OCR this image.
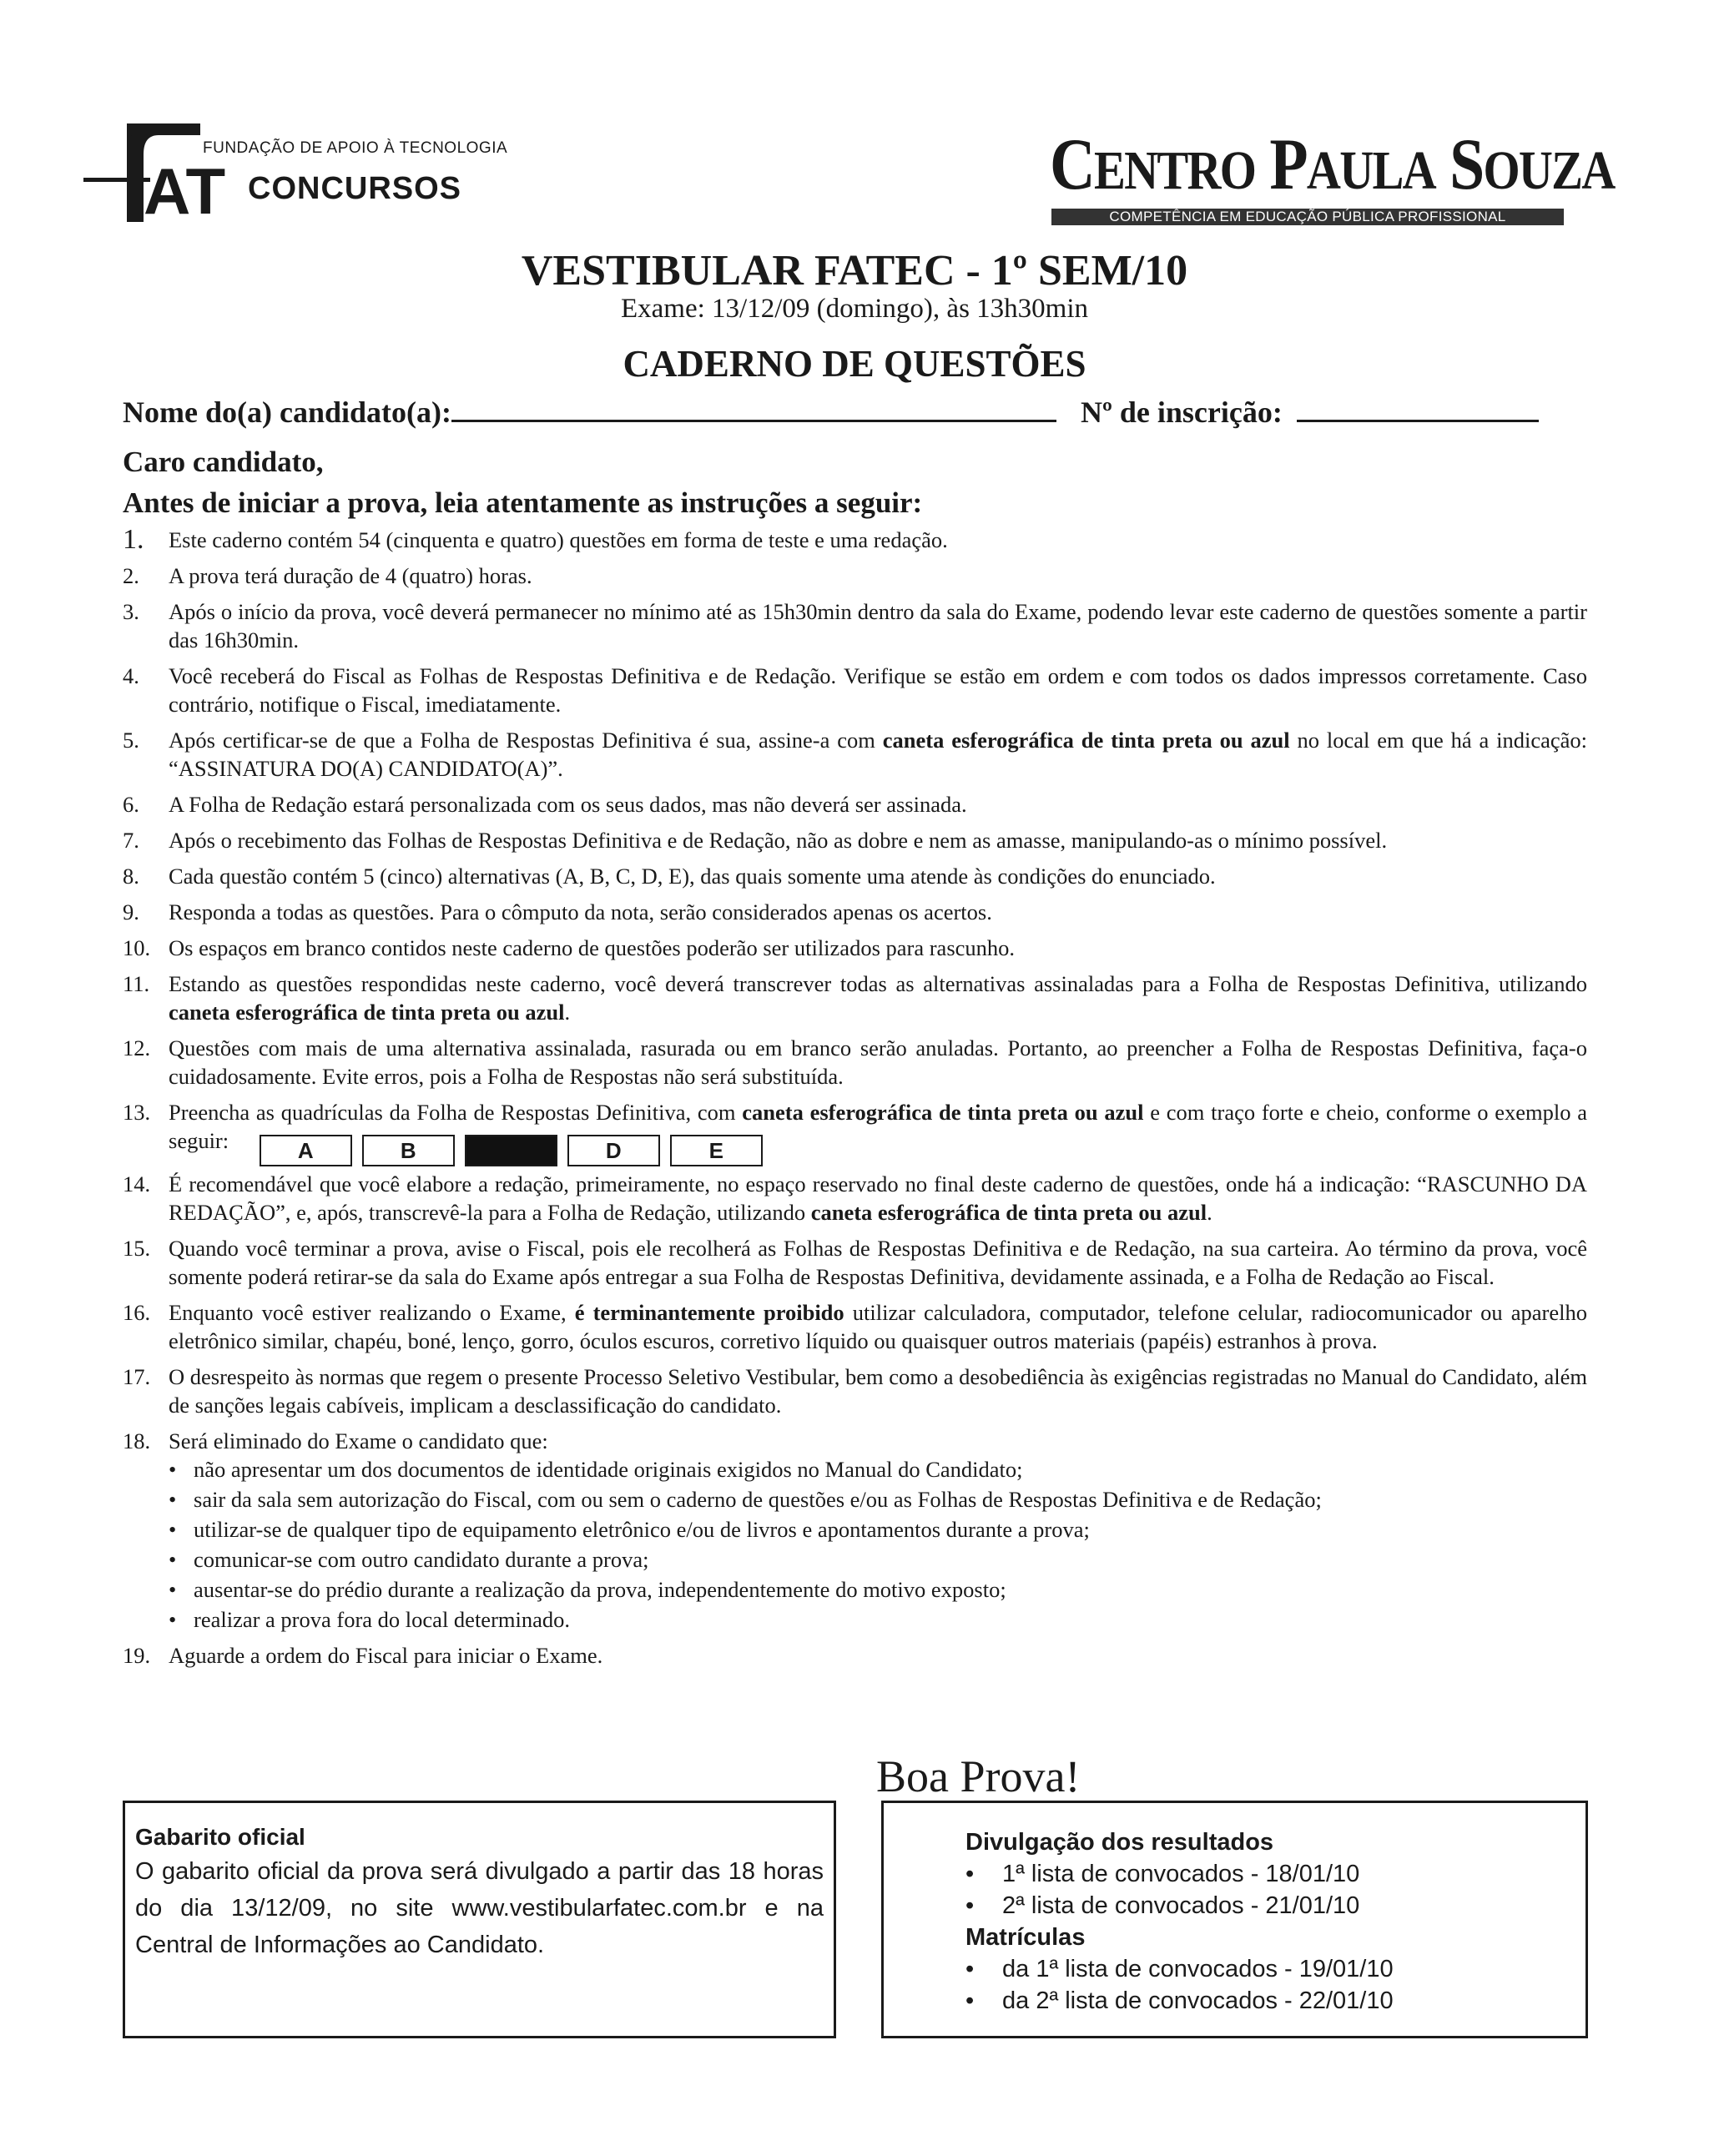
FUNDAÇÃO DE APOIO À TECNOLOGIA
AT CONCURSOS	CENTRO PAULA SOUZA
COMPETÊNCIA EM EDUCAÇÃO PÚBLICA PROFISSIONAL
VESTIBULAR FATEC - 1º SEM/10
Exame: 13/12/09 (domingo), às 13h30min
CADERNO DE QUESTÕES
Nome do(a) candidato(a):	Nº de inscrição:
Caro candidato,
Antes de iniciar a prova, leia atentamente as instruções a seguir:
1. Este caderno contém 54 (cinquenta e quatro) questões em forma de teste e uma redação.
2. A prova terá duração de 4 (quatro) horas.
3. Após o início da prova, você deverá permanecer no mínimo até as 15h30min dentro da sala do Exame, podendo levar este caderno de questões somente a partir das 16h30min.
4. Você receberá do Fiscal as Folhas de Respostas Definitiva e de Redação. Verifique se estão em ordem e com todos os dados impressos corretamente. Caso contrário, notifique o Fiscal, imediatamente.
5. Após certificar-se de que a Folha de Respostas Definitiva é sua, assine-a com caneta esferográfica de tinta preta ou azul no local em que há a indicação: “ASSINATURA DO(A) CANDIDATO(A)”.
6. A Folha de Redação estará personalizada com os seus dados, mas não deverá ser assinada.
7. Após o recebimento das Folhas de Respostas Definitiva e de Redação, não as dobre e nem as amasse, manipulando-as o mínimo possível.
8. Cada questão contém 5 (cinco) alternativas (A, B, C, D, E), das quais somente uma atende às condições do enunciado.
9. Responda a todas as questões. Para o cômputo da nota, serão considerados apenas os acertos.
10. Os espaços em branco contidos neste caderno de questões poderão ser utilizados para rascunho.
11. Estando as questões respondidas neste caderno, você deverá transcrever todas as alternativas assinaladas para a Folha de Respostas Definitiva, utilizando caneta esferográfica de tinta preta ou azul.
12. Questões com mais de uma alternativa assinalada, rasurada ou em branco serão anuladas. Portanto, ao preencher a Folha de Respostas Definitiva, faça-o cuidadosamente. Evite erros, pois a Folha de Respostas não será substituída.
13. Preencha as quadrículas da Folha de Respostas Definitiva, com caneta esferográfica de tinta preta ou azul e com traço forte e cheio, conforme o exemplo a seguir:	A	B	D	E
14. É recomendável que você elabore a redação, primeiramente, no espaço reservado no final deste caderno de questões, onde há a indicação: “RASCUNHO DA REDAÇÃO”, e, após, transcrevê-la para a Folha de Redação, utilizando caneta esferográfica de tinta preta ou azul.
15. Quando você terminar a prova, avise o Fiscal, pois ele recolherá as Folhas de Respostas Definitiva e de Redação, na sua carteira. Ao término da prova, você somente poderá retirar-se da sala do Exame após entregar a sua Folha de Respostas Definitiva, devidamente assinada, e a Folha de Redação ao Fiscal.
16. Enquanto você estiver realizando o Exame, é terminantemente proibido utilizar calculadora, computador, telefone celular, radiocomunicador ou aparelho eletrônico similar, chapéu, boné, lenço, gorro, óculos escuros, corretivo líquido ou quaisquer outros materiais (papéis) estranhos à prova.
17. O desrespeito às normas que regem o presente Processo Seletivo Vestibular, bem como a desobediência às exigências registradas no Manual do Candidato, além de sanções legais cabíveis, implicam a desclassificação do candidato.
18. Será eliminado do Exame o candidato que:
• não apresentar um dos documentos de identidade originais exigidos no Manual do Candidato;
• sair da sala sem autorização do Fiscal, com ou sem o caderno de questões e/ou as Folhas de Respostas Definitiva e de Redação;
• utilizar-se de qualquer tipo de equipamento eletrônico e/ou de livros e apontamentos durante a prova;
• comunicar-se com outro candidato durante a prova;
• ausentar-se do prédio durante a realização da prova, independentemente do motivo exposto;
• realizar a prova fora do local determinado.
19. Aguarde a ordem do Fiscal para iniciar o Exame.
Boa Prova!
Gabarito oficial
O gabarito oficial da prova será divulgado a partir das 18 horas do dia 13/12/09, no site www.vestibularfatec.com.br e na Central de Informações ao Candidato.
Divulgação dos resultados
• 1ª lista de convocados - 18/01/10
• 2ª lista de convocados - 21/01/10
Matrículas
• da 1ª lista de convocados - 19/01/10
• da 2ª lista de convocados - 22/01/10
